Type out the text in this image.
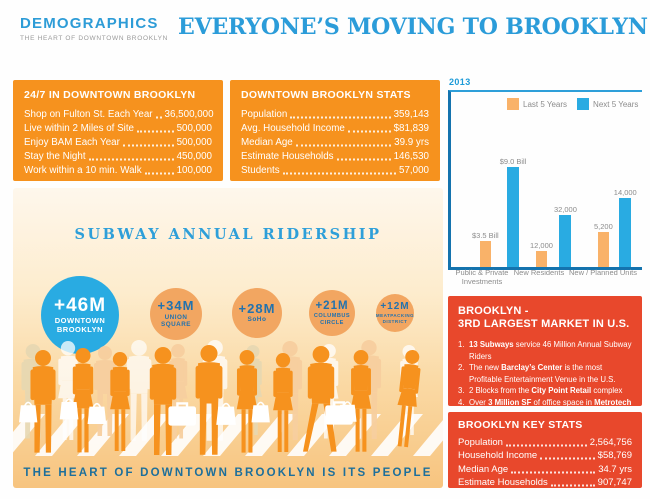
DEMOGRAPHICS
THE HEART OF DOWNTOWN BROOKLYN EVERYONE’S MOVING TO BROOKLYN
24/7 IN DOWNTOWN BROOKLYN
Shop on Fulton St. Each Year 36,500,000
Live within 2 Miles of Site	500,000
Enjoy BAM Each Year	500,000
Stay the Night	450,000
Work within a 10 min. Walk	100,000
DOWNTOWN BROOKLYN STATS
Population	359,143
Avg. Household Income	$81,839
Median Age	39.9 yrs
Estimate Households	146,530
Students	57,000
2013
Last 5 Years	Next 5 Years
$3.5 Bill
$9.0 Bill
12,000
32,000
5,200
14,000
Public & Private Investments
New Residents New / Planned Units
SUBWAY ANNUAL RIDERSHIP
+46M
DOWNTOWN BROOKLYN
+34M
UNION SQUARE
+28M
SoHo
+21M
COLUMBUS CIRCLE
+12M
MEATPACKING DISTRICT
THE HEART OF DOWNTOWN BROOKLYN IS ITS PEOPLE
BROOKLYN -
3RD LARGEST MARKET IN U.S.
1. 13 Subways service 46 Million Annual Subway Riders
2. The new Barclay’s Center is the most Profitable Entertainment Venue in the U.S.
3. 2 Blocks from the City Point Retail complex
4. Over 3 Million SF of office space in Metrotech
BROOKLYN KEY STATS
Population	2,564,756
Household Income	$58,769
Median Age	34.7 yrs
Estimate Households	907,747
